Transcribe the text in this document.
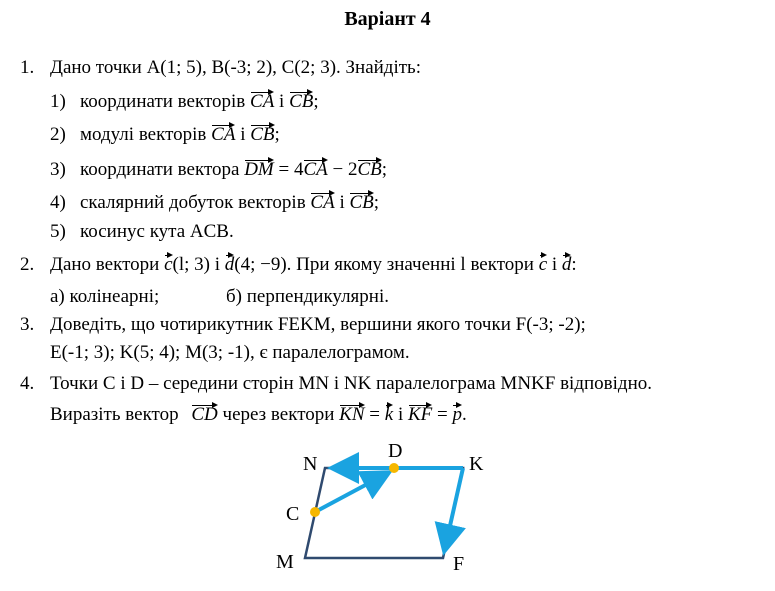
Варіант 4
1. Дано точки A(1; 5), B(-3; 2), C(2; 3). Знайдіть:
1) координати векторів CA і CB;
2) модулі векторів CA і CB;
3) координати вектора DM = 4CA − 2CB;
4) скалярний добуток векторів CA і CB;
5) косинус кута ACB.
2. Дано вектори c(l; 3) і d(4; −9). При якому значенні l вектори c і d:
а) колінеарні;	б) перпендикулярні.
3. Доведіть, що чотирикутник FEKM, вершини якого точки F(-3; -2);
E(-1; 3); K(5; 4); M(3; -1), є паралелограмом.
4. Точки C і D – середини сторін MN і NK паралелограма MNKF відповідно.
Виразіть вектор CD через вектори KN = k і KF = p.
N
D
K
C
M	F
